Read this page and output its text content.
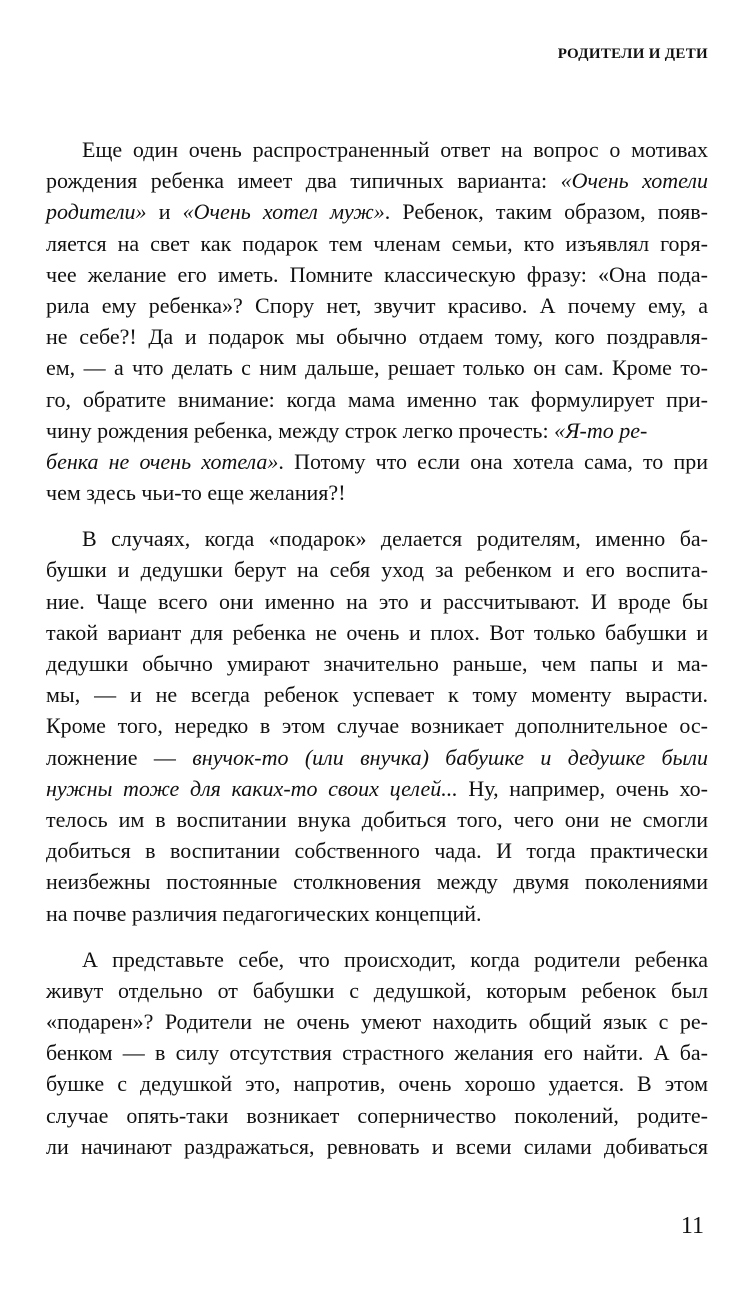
РОДИТЕЛИ И ДЕТИ
Еще один очень распространенный ответ на вопрос о мотивах
рождения ребенка имеет два типичных варианта: «Очень хотели
родители» и «Очень хотел муж». Ребенок, таким образом, появ-
ляется на свет как подарок тем членам семьи, кто изъявлял горя-
чее желание его иметь. Помните классическую фразу: «Она пода-
рила ему ребенка»? Спору нет, звучит красиво. А почему ему, а
не себе?! Да и подарок мы обычно отдаем тому, кого поздравля-
ем, — а что делать с ним дальше, решает только он сам. Кроме то-
го, обратите внимание: когда мама именно так формулирует при-
чину рождения ребенка, между строк легко прочесть: «Я-то ре-
бенка не очень хотела». Потому что если она хотела сама, то при
чем здесь чьи-то еще желания?!
В случаях, когда «подарок» делается родителям, именно ба-
бушки и дедушки берут на себя уход за ребенком и его воспита-
ние. Чаще всего они именно на это и рассчитывают. И вроде бы
такой вариант для ребенка не очень и плох. Вот только бабушки и
дедушки обычно умирают значительно раньше, чем папы и ма-
мы, — и не всегда ребенок успевает к тому моменту вырасти.
Кроме того, нередко в этом случае возникает дополнительное ос-
ложнение — внучок-то (или внучка) бабушке и дедушке были
нужны тоже для каких-то своих целей... Ну, например, очень хо-
телось им в воспитании внука добиться того, чего они не смогли
добиться в воспитании собственного чада. И тогда практически
неизбежны постоянные столкновения между двумя поколениями
на почве различия педагогических концепций.
А представьте себе, что происходит, когда родители ребенка
живут отдельно от бабушки с дедушкой, которым ребенок был
«подарен»? Родители не очень умеют находить общий язык с ре-
бенком — в силу отсутствия страстного желания его найти. А ба-
бушке с дедушкой это, напротив, очень хорошо удается. В этом
случае опять-таки возникает соперничество поколений, родите-
ли начинают раздражаться, ревновать и всеми силами добиваться
11
